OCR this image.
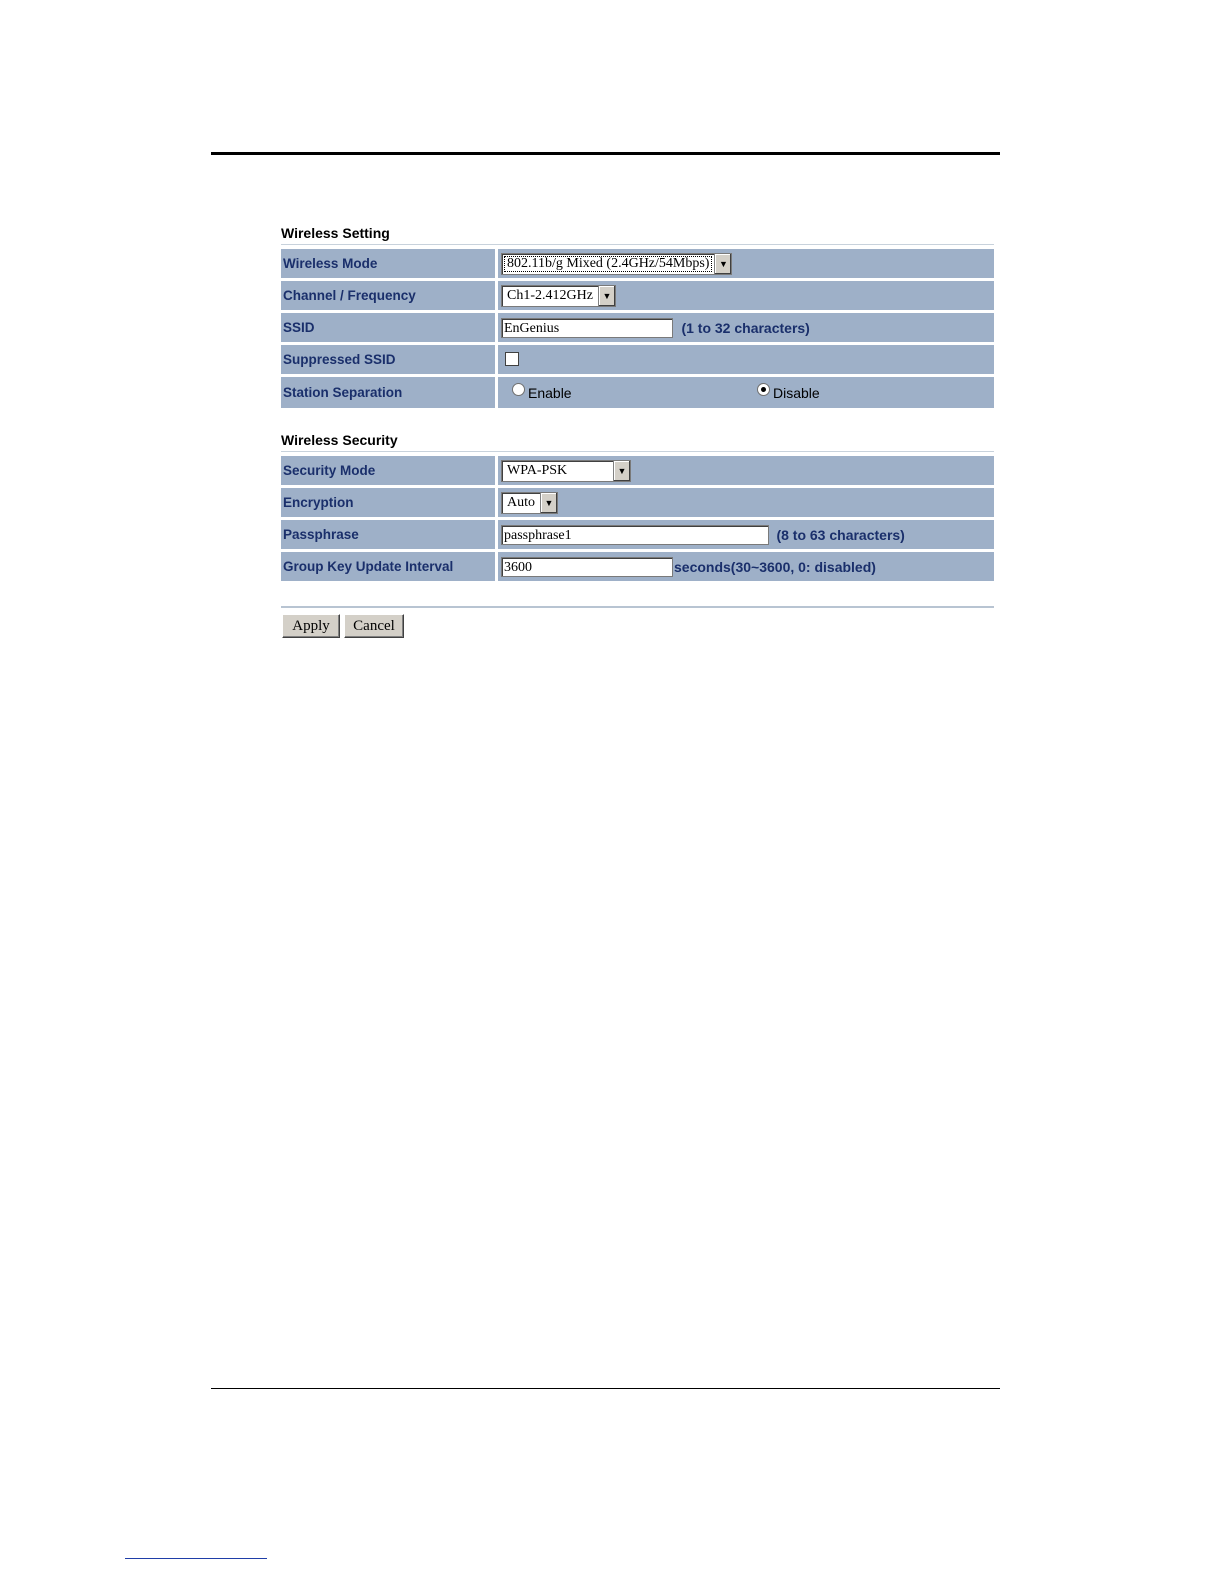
Wireless Setting
Wireless Mode	802.11b/g Mixed (2.4GHz/54Mbps) ▼

Channel / Frequency	Ch1-2.412GHz ▼

SSID	EnGenius (1 to 32 characters)
Suppressed SSID	
Station Separation	Enable Disable
Wireless Security
Security Mode	WPA-PSK ▼

Encryption	Auto ▼

Passphrase	passphrase1 (8 to 63 characters)
Group Key Update Interval	3600 seconds(30~3600, 0: disabled)
Apply	Cancel
